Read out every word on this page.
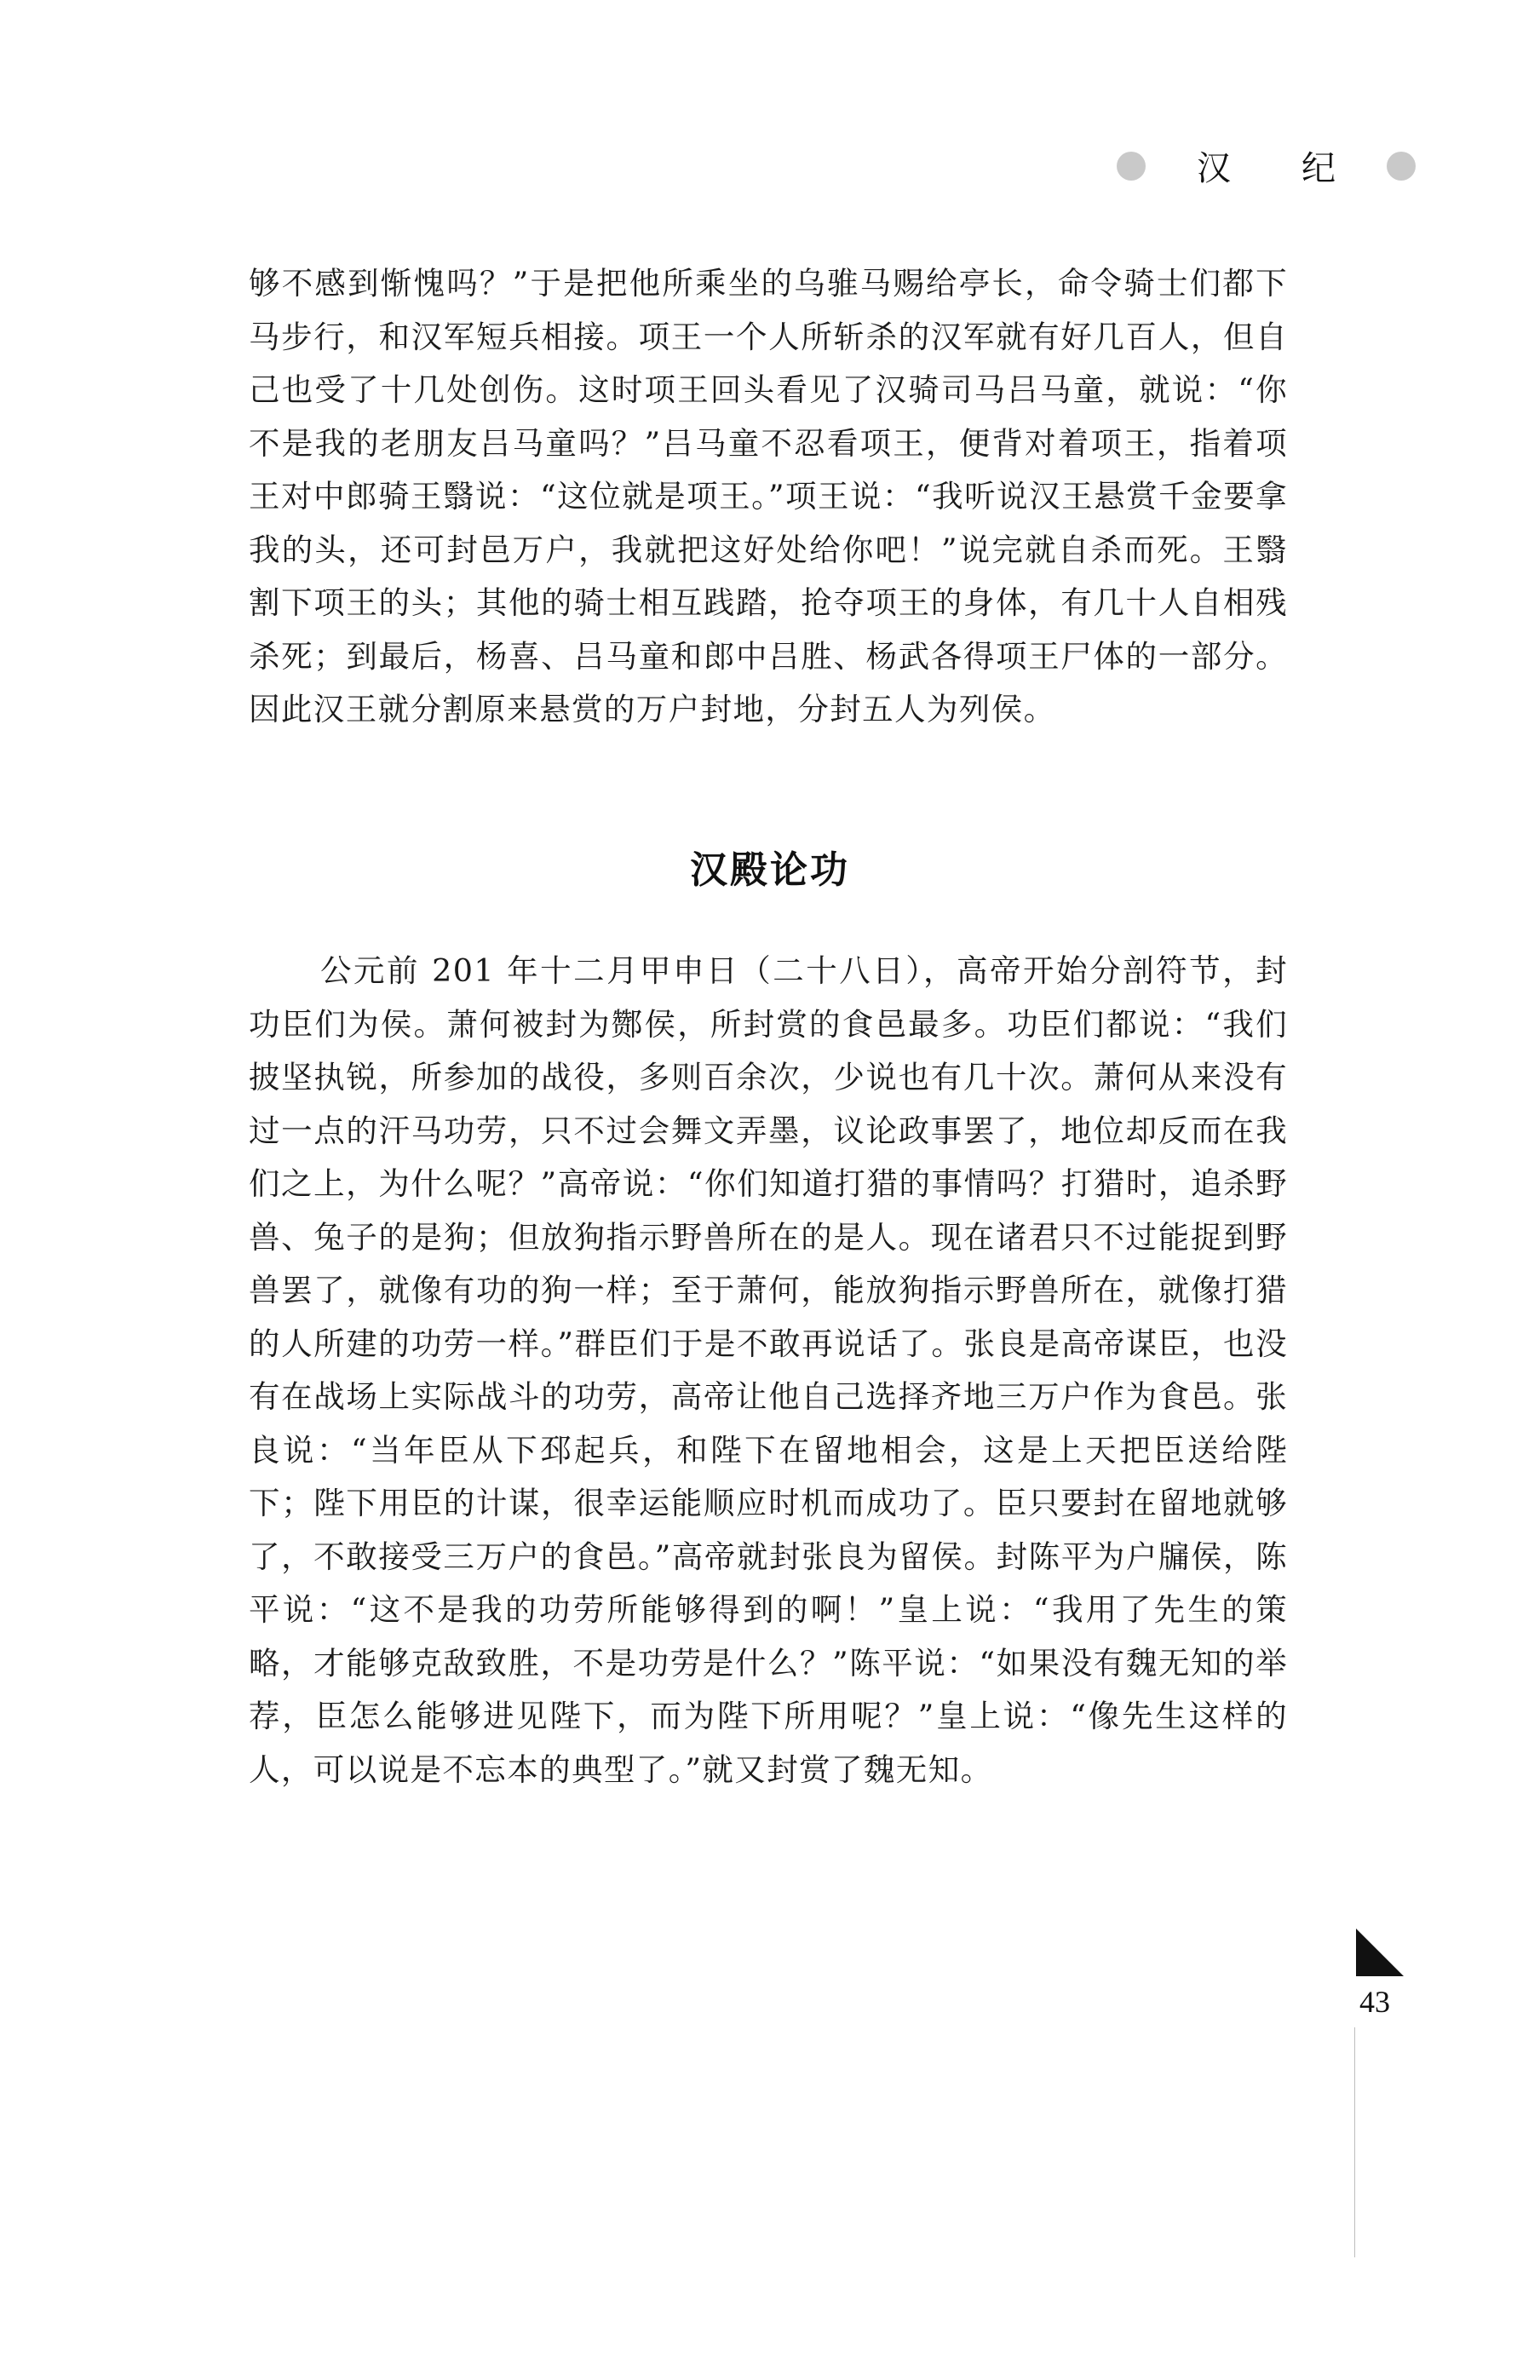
汉 纪

够不感到惭愧吗？”于是把他所乘坐的乌骓马赐给亭长，命令骑士们都下马步行，和汉军短兵相接。项王一个人所斩杀的汉军就有好几百人，但自己也受了十几处创伤。这时项王回头看见了汉骑司马吕马童，就说：“你不是我的老朋友吕马童吗？”吕马童不忍看项王，便背对着项王，指着项王对中郎骑王翳说：“这位就是项王。”项王说：“我听说汉王悬赏千金要拿我的头，还可封邑万户，我就把这好处给你吧！”说完就自杀而死。王翳割下项王的头；其他的骑士相互践踏，抢夺项王的身体，有几十人自相残杀死；到最后，杨喜、吕马童和郎中吕胜、杨武各得项王尸体的一部分。因此汉王就分割原来悬赏的万户封地，分封五人为列侯。

汉殿论功

公元前 201 年十二月甲申日（二十八日），高帝开始分剖符节，封功臣们为侯。萧何被封为酂侯，所封赏的食邑最多。功臣们都说：“我们披坚执锐，所参加的战役，多则百余次，少说也有几十次。萧何从来没有过一点的汗马功劳，只不过会舞文弄墨，议论政事罢了，地位却反而在我们之上，为什么呢？”高帝说：“你们知道打猎的事情吗？打猎时，追杀野兽、兔子的是狗；但放狗指示野兽所在的是人。现在诸君只不过能捉到野兽罢了，就像有功的狗一样；至于萧何，能放狗指示野兽所在，就像打猎的人所建的功劳一样。”群臣们于是不敢再说话了。张良是高帝谋臣，也没有在战场上实际战斗的功劳，高帝让他自己选择齐地三万户作为食邑。张良说：“当年臣从下邳起兵，和陛下在留地相会，这是上天把臣送给陛下；陛下用臣的计谋，很幸运能顺应时机而成功了。臣只要封在留地就够了，不敢接受三万户的食邑。”高帝就封张良为留侯。封陈平为户牖侯，陈平说：“这不是我的功劳所能够得到的啊！”皇上说：“我用了先生的策略，才能够克敌致胜，不是功劳是什么？”陈平说：“如果没有魏无知的举荐，臣怎么能够进见陛下，而为陛下所用呢？”皇上说：“像先生这样的人，可以说是不忘本的典型了。”就又封赏了魏无知。

43
